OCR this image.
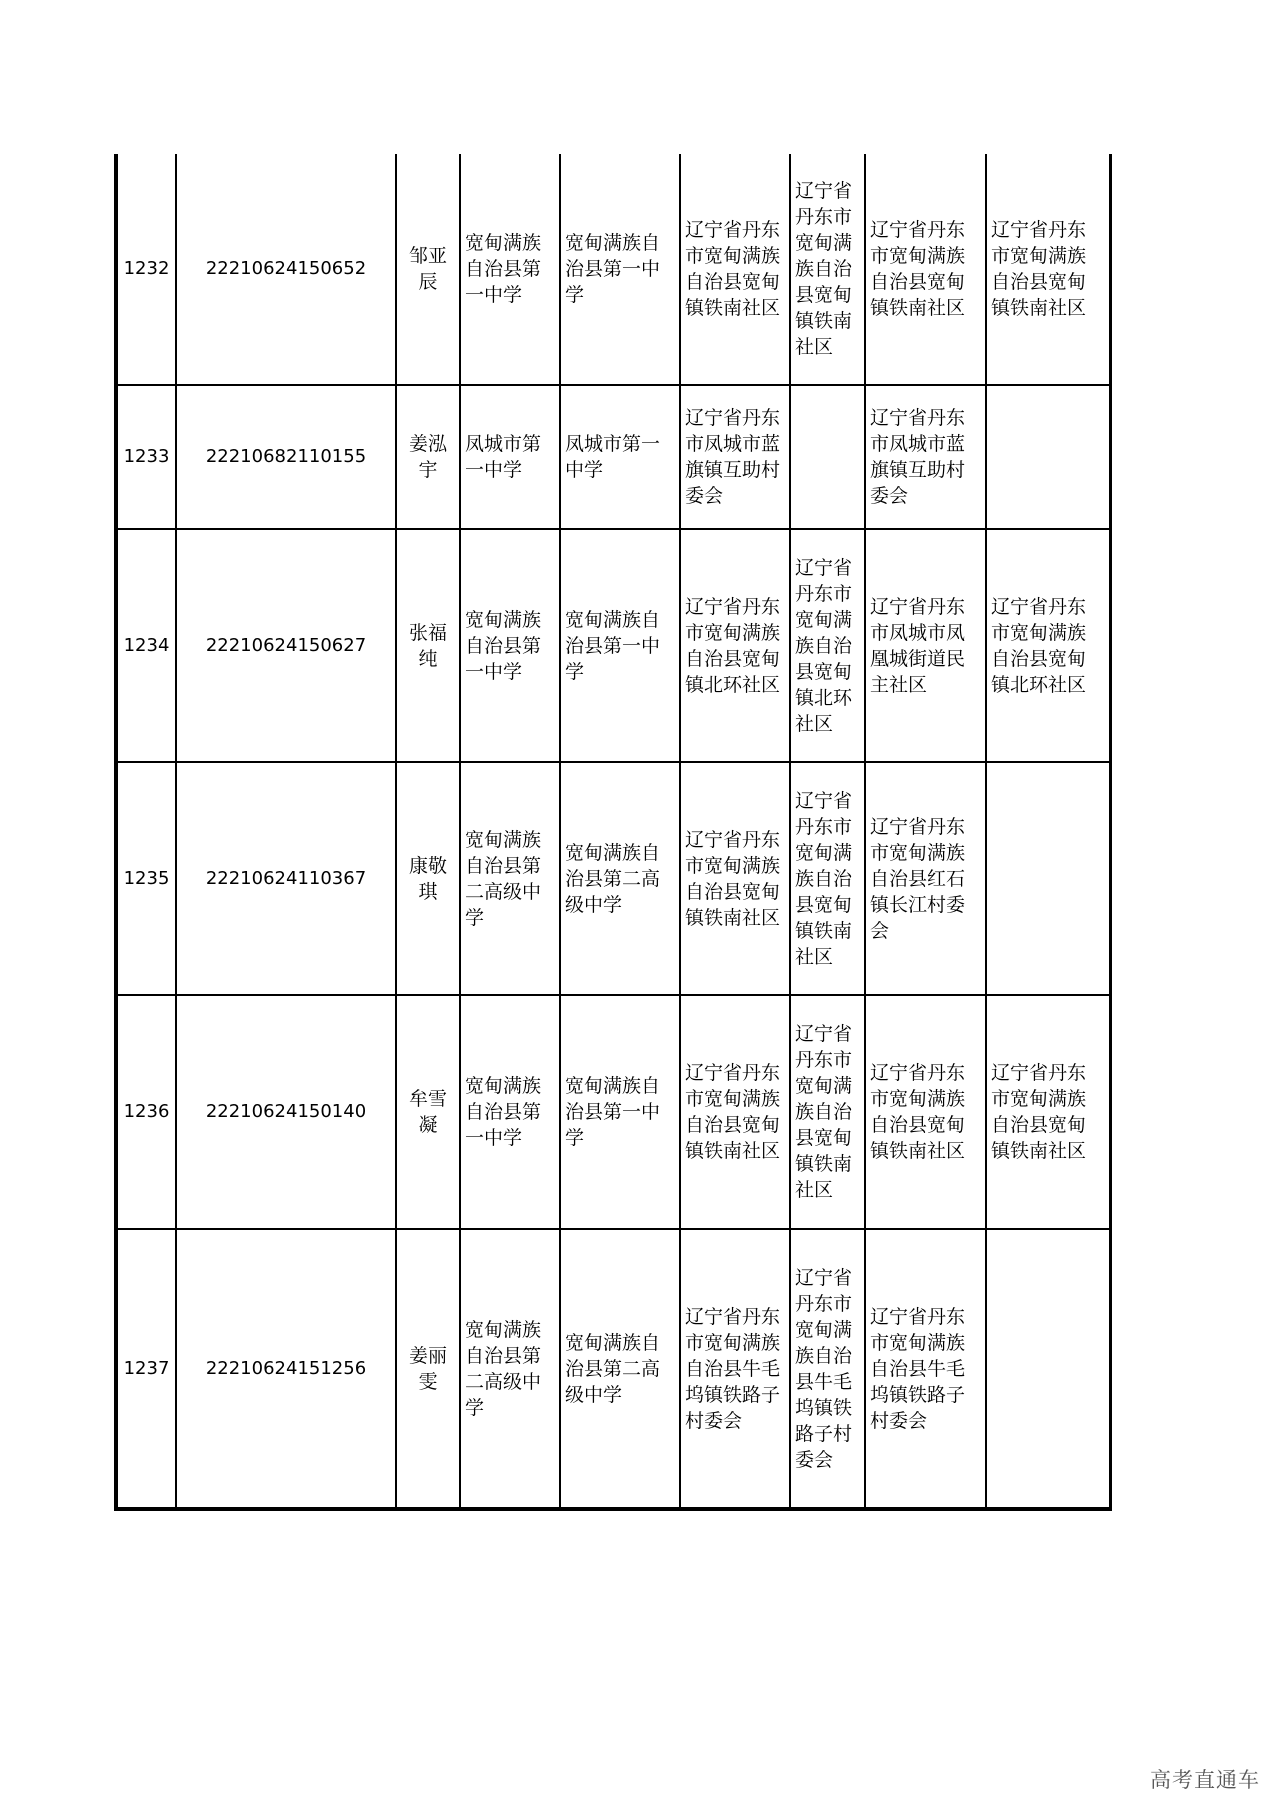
1232	22210624150652	邹亚辰	宽甸满族自治县第一中学	宽甸满族自治县第一中学	辽宁省丹东市宽甸满族自治县宽甸镇铁南社区	辽宁省丹东市宽甸满族自治县宽甸镇铁南社区	辽宁省丹东市宽甸满族自治县宽甸镇铁南社区	辽宁省丹东市宽甸满族自治县宽甸镇铁南社区
1233	22210682110155	姜泓宇	凤城市第一中学	凤城市第一中学	辽宁省丹东市凤城市蓝旗镇互助村委会		辽宁省丹东市凤城市蓝旗镇互助村委会	
1234	22210624150627	张福纯	宽甸满族自治县第一中学	宽甸满族自治县第一中学	辽宁省丹东市宽甸满族自治县宽甸镇北环社区	辽宁省丹东市宽甸满族自治县宽甸镇北环社区	辽宁省丹东市凤城市凤凰城街道民主社区	辽宁省丹东市宽甸满族自治县宽甸镇北环社区
1235	22210624110367	康敬琪	宽甸满族自治县第二高级中学	宽甸满族自治县第二高级中学	辽宁省丹东市宽甸满族自治县宽甸镇铁南社区	辽宁省丹东市宽甸满族自治县宽甸镇铁南社区	辽宁省丹东市宽甸满族自治县红石镇长江村委会	
1236	22210624150140	牟雪凝	宽甸满族自治县第一中学	宽甸满族自治县第一中学	辽宁省丹东市宽甸满族自治县宽甸镇铁南社区	辽宁省丹东市宽甸满族自治县宽甸镇铁南社区	辽宁省丹东市宽甸满族自治县宽甸镇铁南社区	辽宁省丹东市宽甸满族自治县宽甸镇铁南社区
1237	22210624151256	姜丽雯	宽甸满族自治县第二高级中学	宽甸满族自治县第二高级中学	辽宁省丹东市宽甸满族自治县牛毛坞镇铁路子村委会	辽宁省丹东市宽甸满族自治县牛毛坞镇铁路子村委会	辽宁省丹东市宽甸满族自治县牛毛坞镇铁路子村委会	
高考直通车
